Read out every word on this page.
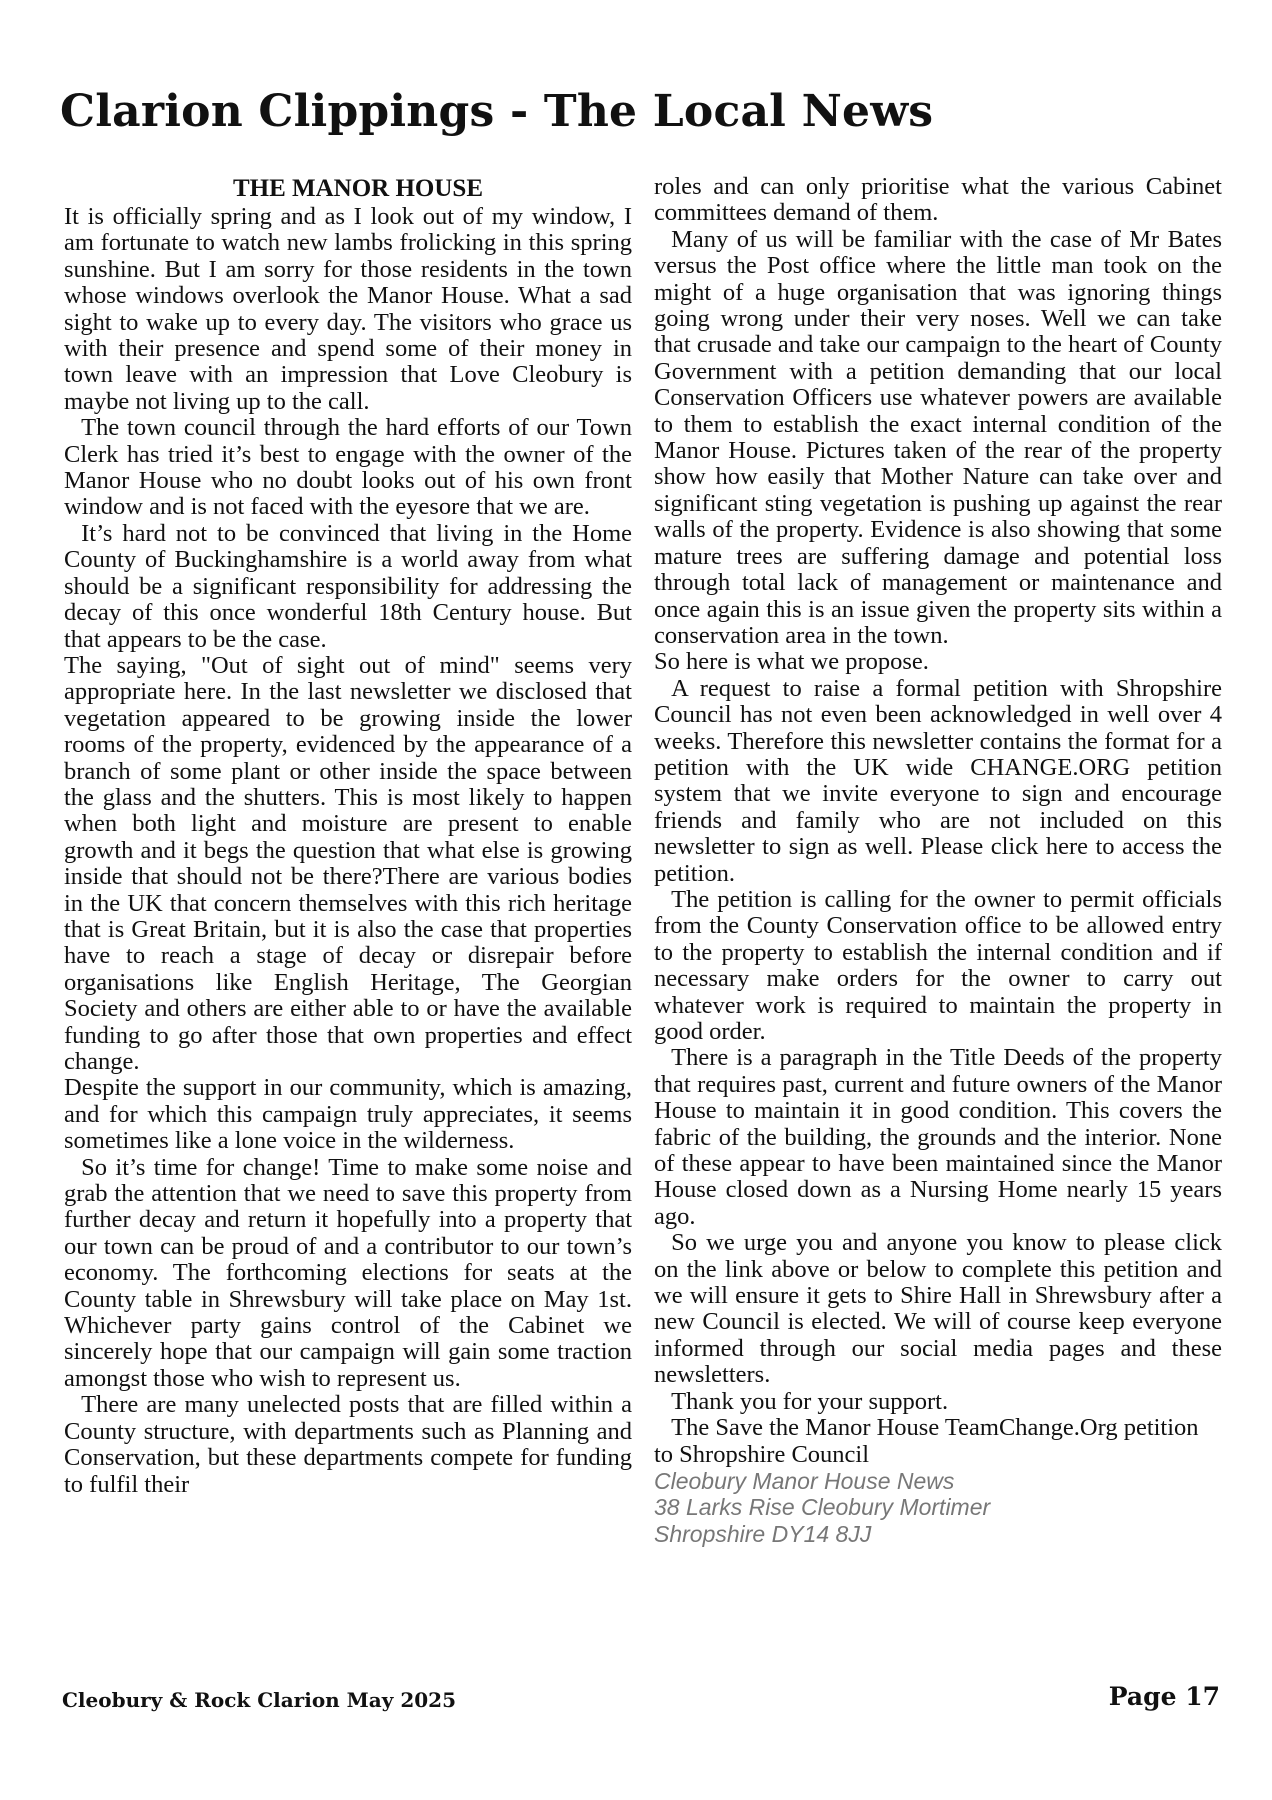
Clarion Clippings - The Local News
THE MANOR HOUSE

It is officially spring and as I look out of my window, I am fortunate to watch new lambs frolicking in this spring sunshine. But I am sorry for those residents in the town whose windows overlook the Manor House. What a sad sight to wake up to every day. The visitors who grace us with their presence and spend some of their money in town leave with an impression that Love Cleobury is maybe not living up to the call.

The town council through the hard efforts of our Town Clerk has tried it’s best to engage with the owner of the Manor House who no doubt looks out of his own front window and is not faced with the eyesore that we are.

It’s hard not to be convinced that living in the Home County of Buckinghamshire is a world away from what should be a significant responsibility for addressing the decay of this once wonderful 18th Century house. But that appears to be the case.

The saying, "Out of sight out of mind" seems very appropriate here. In the last newsletter we disclosed that vegetation appeared to be growing inside the lower rooms of the property, evidenced by the appearance of a branch of some plant or other inside the space between the glass and the shutters. This is most likely to happen when both light and moisture are present to enable growth and it begs the question that what else is growing inside that should not be there?There are various bodies in the UK that concern themselves with this rich heritage that is Great Britain, but it is also the case that properties have to reach a stage of decay or disrepair before organisations like English Heritage, The Georgian Society and others are either able to or have the available funding to go after those that own properties and effect change.

Despite the support in our community, which is amazing, and for which this campaign truly appreciates, it seems sometimes like a lone voice in the wilderness.

So it’s time for change! Time to make some noise and grab the attention that we need to save this property from further decay and return it hopefully into a property that our town can be proud of and a contributor to our town’s economy. The forthcoming elections for seats at the County table in Shrewsbury will take place on May 1st. Whichever party gains control of the Cabinet we sincerely hope that our campaign will gain some traction amongst those who wish to represent us.

There are many unelected posts that are filled within a County structure, with departments such as Planning and Conservation, but these departments compete for funding to fulfil their

roles and can only prioritise what the various Cabinet committees demand of them.

Many of us will be familiar with the case of Mr Bates versus the Post office where the little man took on the might of a huge organisation that was ignoring things going wrong under their very noses. Well we can take that crusade and take our campaign to the heart of County Government with a petition demanding that our local Conservation Officers use whatever powers are available to them to establish the exact internal condition of the Manor House. Pictures taken of the rear of the property show how easily that Mother Nature can take over and significant sting vegetation is pushing up against the rear walls of the property. Evidence is also showing that some mature trees are suffering damage and potential loss through total lack of management or maintenance and once again this is an issue given the property sits within a conservation area in the town.

So here is what we propose.

A request to raise a formal petition with Shropshire Council has not even been acknowledged in well over 4 weeks. Therefore this newsletter contains the format for a petition with the UK wide CHANGE.ORG petition system that we invite everyone to sign and encourage friends and family who are not included on this newsletter to sign as well. Please click here to access the petition.

The petition is calling for the owner to permit officials from the County Conservation office to be allowed entry to the property to establish the internal condition and if necessary make orders for the owner to carry out whatever work is required to maintain the property in good order.

There is a paragraph in the Title Deeds of the property that requires past, current and future owners of the Manor House to maintain it in good condition. This covers the fabric of the building, the grounds and the interior. None of these appear to have been maintained since the Manor House closed down as a Nursing Home nearly 15 years ago.

So we urge you and anyone you know to please click on the link above or below to complete this petition and we will ensure it gets to Shire Hall in Shrewsbury after a new Council is elected. We will of course keep everyone informed through our social media pages and these newsletters.

Thank you for your support.

The Save the Manor House TeamChange.Org petition to Shropshire Council

Cleobury Manor House News
38 Larks Rise Cleobury Mortimer
Shropshire DY14 8JJ
Cleobury & Rock Clarion May 2025	Page 17
